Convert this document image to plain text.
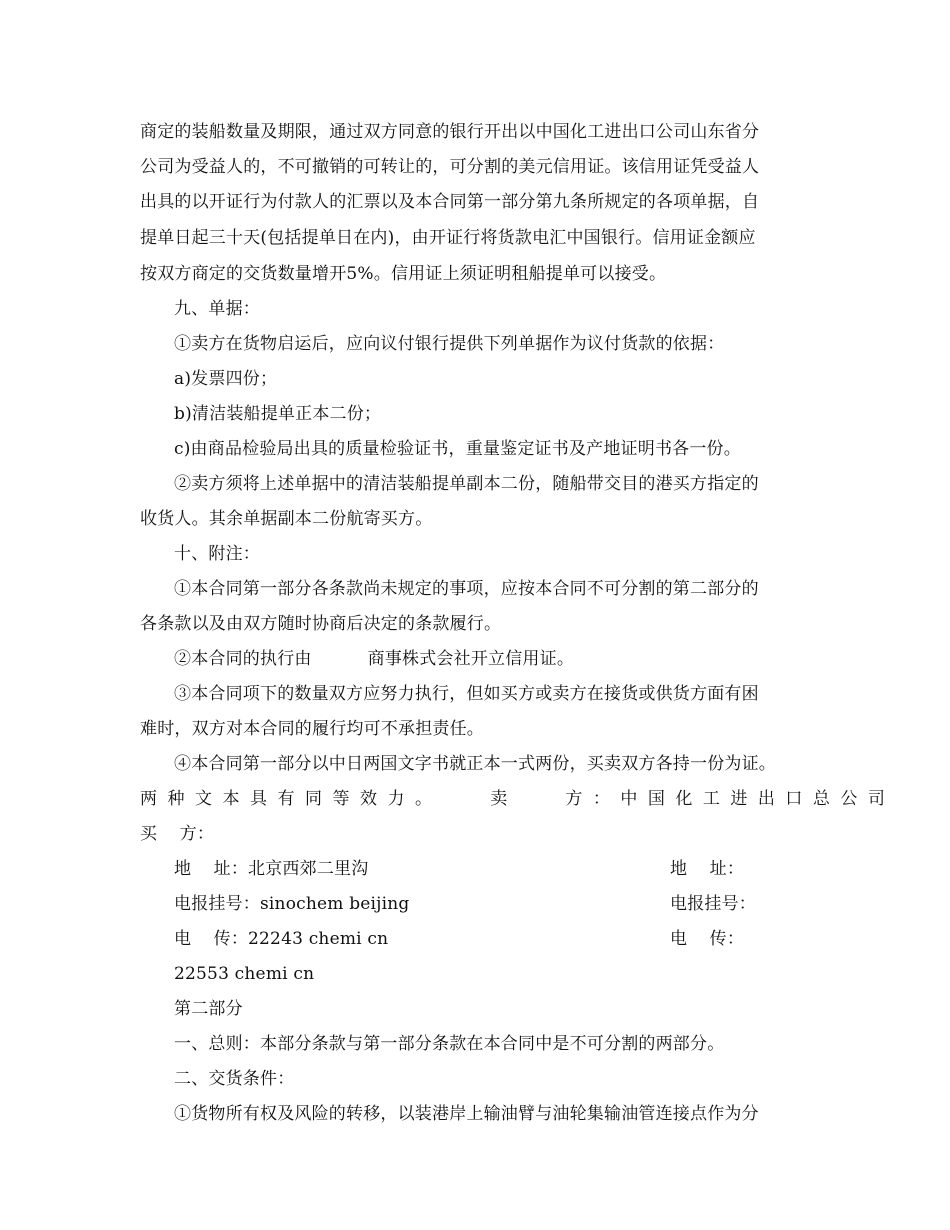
商定的装船数量及期限，通过双方同意的银行开出以中国化工进出口公司山东省分
公司为受益人的，不可撤销的可转让的，可分割的美元信用证。该信用证凭受益人
出具的以开证行为付款人的汇票以及本合同第一部分第九条所规定的各项单据，自
提单日起三十天(包括提单日在内)，由开证行将货款电汇中国银行。信用证金额应
按双方商定的交货数量增开5%。信用证上须证明租船提单可以接受。
九、单据：
①卖方在货物启运后，应向议付银行提供下列单据作为议付货款的依据：
a)发票四份；
b)清洁装船提单正本二份；
c)由商品检验局出具的质量检验证书，重量鉴定证书及产地证明书各一份。
②卖方须将上述单据中的清洁装船提单副本二份，随船带交目的港买方指定的
收货人。其余单据副本二份航寄买方。
十、附注：
①本合同第一部分各条款尚未规定的事项，应按本合同不可分割的第二部分的
各条款以及由双方随时协商后决定的条款履行。
②本合同的执行由          商事株式会社开立信用证。
③本合同项下的数量双方应努力执行，但如买方或卖方在接货或供货方面有困
难时，双方对本合同的履行均可不承担责任。
④本合同第一部分以中日两国文字书就正本一式两份，买卖双方各持一份为证。
两种文本具有同等效力。   卖   方：中国化工进出口总公司
买    方：
地    址：北京西郊二里沟	地    址：
电报挂号：sinochem beijing	电报挂号：
电    传：22243 chemi cn	电    传：
22553 chemi cn
第二部分
一、总则：本部分条款与第一部分条款在本合同中是不可分割的两部分。
二、交货条件：
①货物所有权及风险的转移，以装港岸上输油臂与油轮集输油管连接点作为分
